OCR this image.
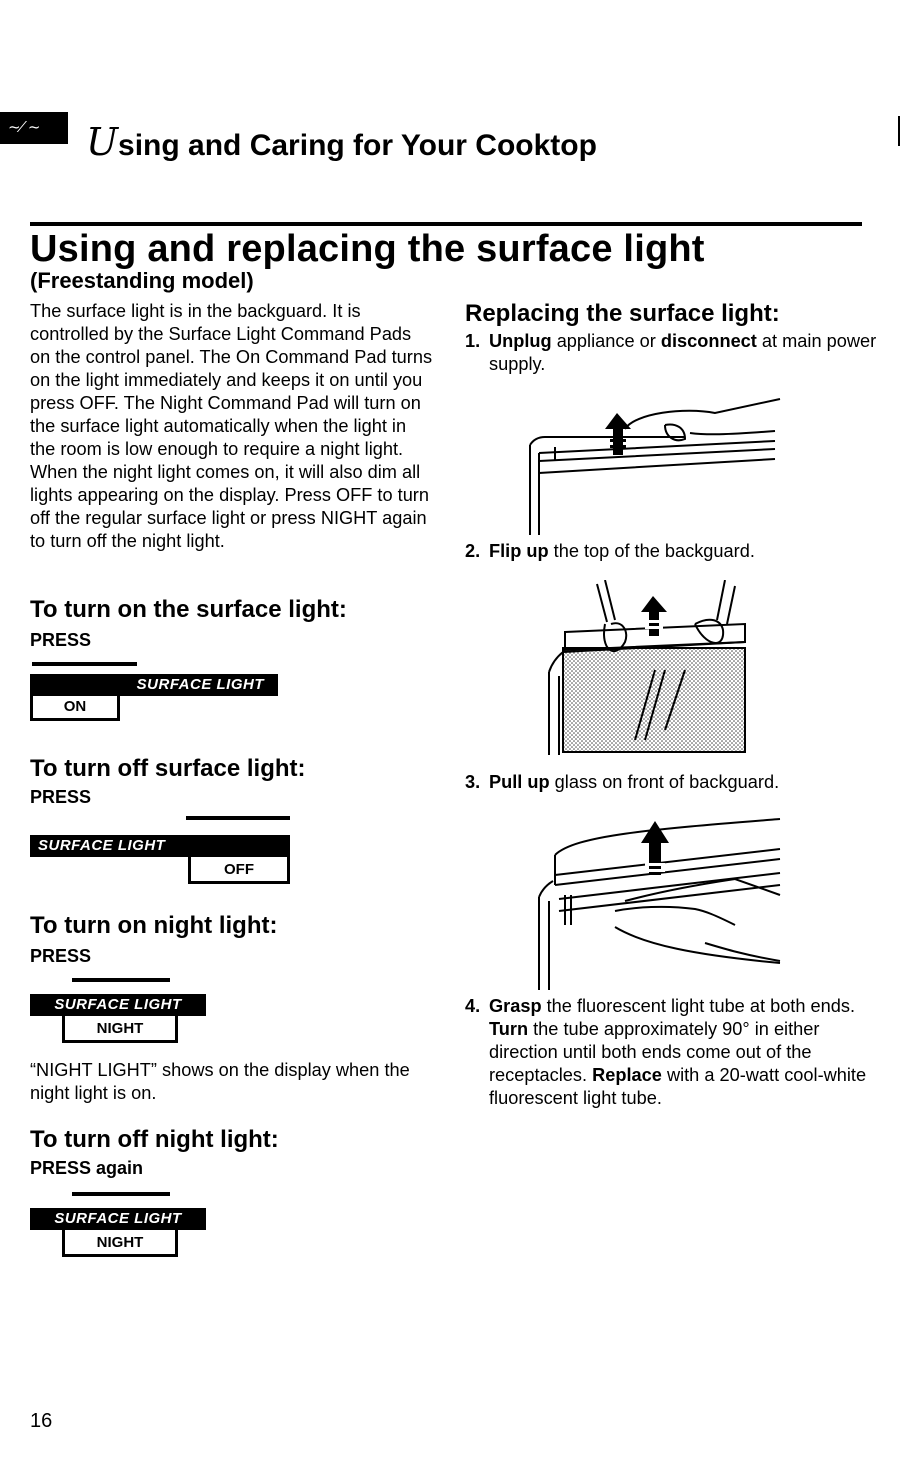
~⁄ ~ Using and Caring for Your Cooktop
Using and replacing the surface light
(Freestanding model)
The surface light is in the backguard. It is controlled by the Surface Light Command Pads on the control panel. The On Command Pad turns on the light immediately and keeps it on until you press OFF. The Night Command Pad will turn on the surface light automatically when the light in the room is low enough to require a night light. When the night light comes on, it will also dim all lights appearing on the display. Press OFF to turn off the regular surface light or press NIGHT again to turn off the night light.
To turn on the surface light:
PRESS
SURFACE LIGHT
ON
To turn off surface light:
PRESS
SURFACE LIGHT
OFF
To turn on night light:
PRESS
SURFACE LIGHT
NIGHT
“NIGHT LIGHT” shows on the display when the night light is on.
To turn off night light:
PRESS again
SURFACE LIGHT
NIGHT
Replacing the surface light:
1. Unplug appliance or disconnect at main power supply.
2. Flip up the top of the backguard.
3. Pull up glass on front of backguard.
4. Grasp the fluorescent light tube at both ends. Turn the tube approximately 90° in either direction until both ends come out of the receptacles. Replace with a 20-watt cool-white fluorescent light tube.
16
